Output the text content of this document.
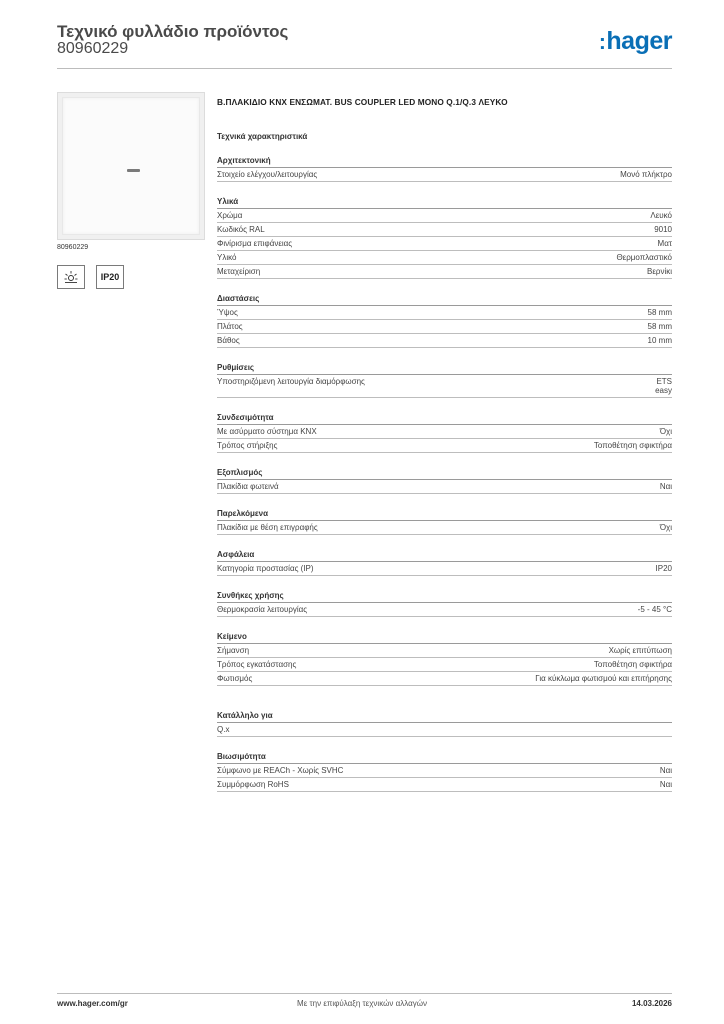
Τεχνικό φυλλάδιο προϊόντος
80960229	:hager
80960229
IP20
Β.ΠΛΑΚΙΔΙΟ KNX ΕΝΣΩΜΑΤ. BUS COUPLER LED ΜΟΝΟ Q.1/Q.3 ΛΕΥΚΟ
Τεχνικά χαρακτηριστικά
Αρχιτεκτονική
Στοιχείο ελέγχου/λειτουργίας	Μονό πλήκτρο
Υλικά
Χρώμα	Λευκό
Κωδικός RAL	9010
Φινίρισμα επιφάνειας	Ματ
Υλικό	Θερμοπλαστικό
Μεταχείριση	Βερνίκι
Διαστάσεις
Ύψος	58 mm
Πλάτος	58 mm
Βάθος	10 mm
Ρυθμίσεις
Υποστηριζόμενη λειτουργία διαμόρφωσης	ETS
easy
Συνδεσιμότητα
Με ασύρματο σύστημα KNX	Όχι
Τρόπος στήριξης	Τοποθέτηση σφικτήρα
Εξοπλισμός
Πλακίδια φωτεινά	Ναι
Παρελκόμενα
Πλακίδια με θέση επιγραφής	Όχι
Ασφάλεια
Κατηγορία προστασίας (IP)	IP20
Συνθήκες χρήσης
Θερμοκρασία λειτουργίας	-5 - 45 °C
Κείμενο
Σήμανση	Χωρίς επιτύπωση
Τρόπος εγκατάστασης	Τοποθέτηση σφικτήρα
Φωτισμός	Για κύκλωμα φωτισμού και επιτήρησης
Κατάλληλο για
Q.x
Βιωσιμότητα
Σύμφωνο με REACh - Χωρίς SVHC	Ναι
Συμμόρφωση RoHS	Ναι
www.hager.com/gr	Με την επιφύλαξη τεχνικών αλλαγών	14.03.2026
